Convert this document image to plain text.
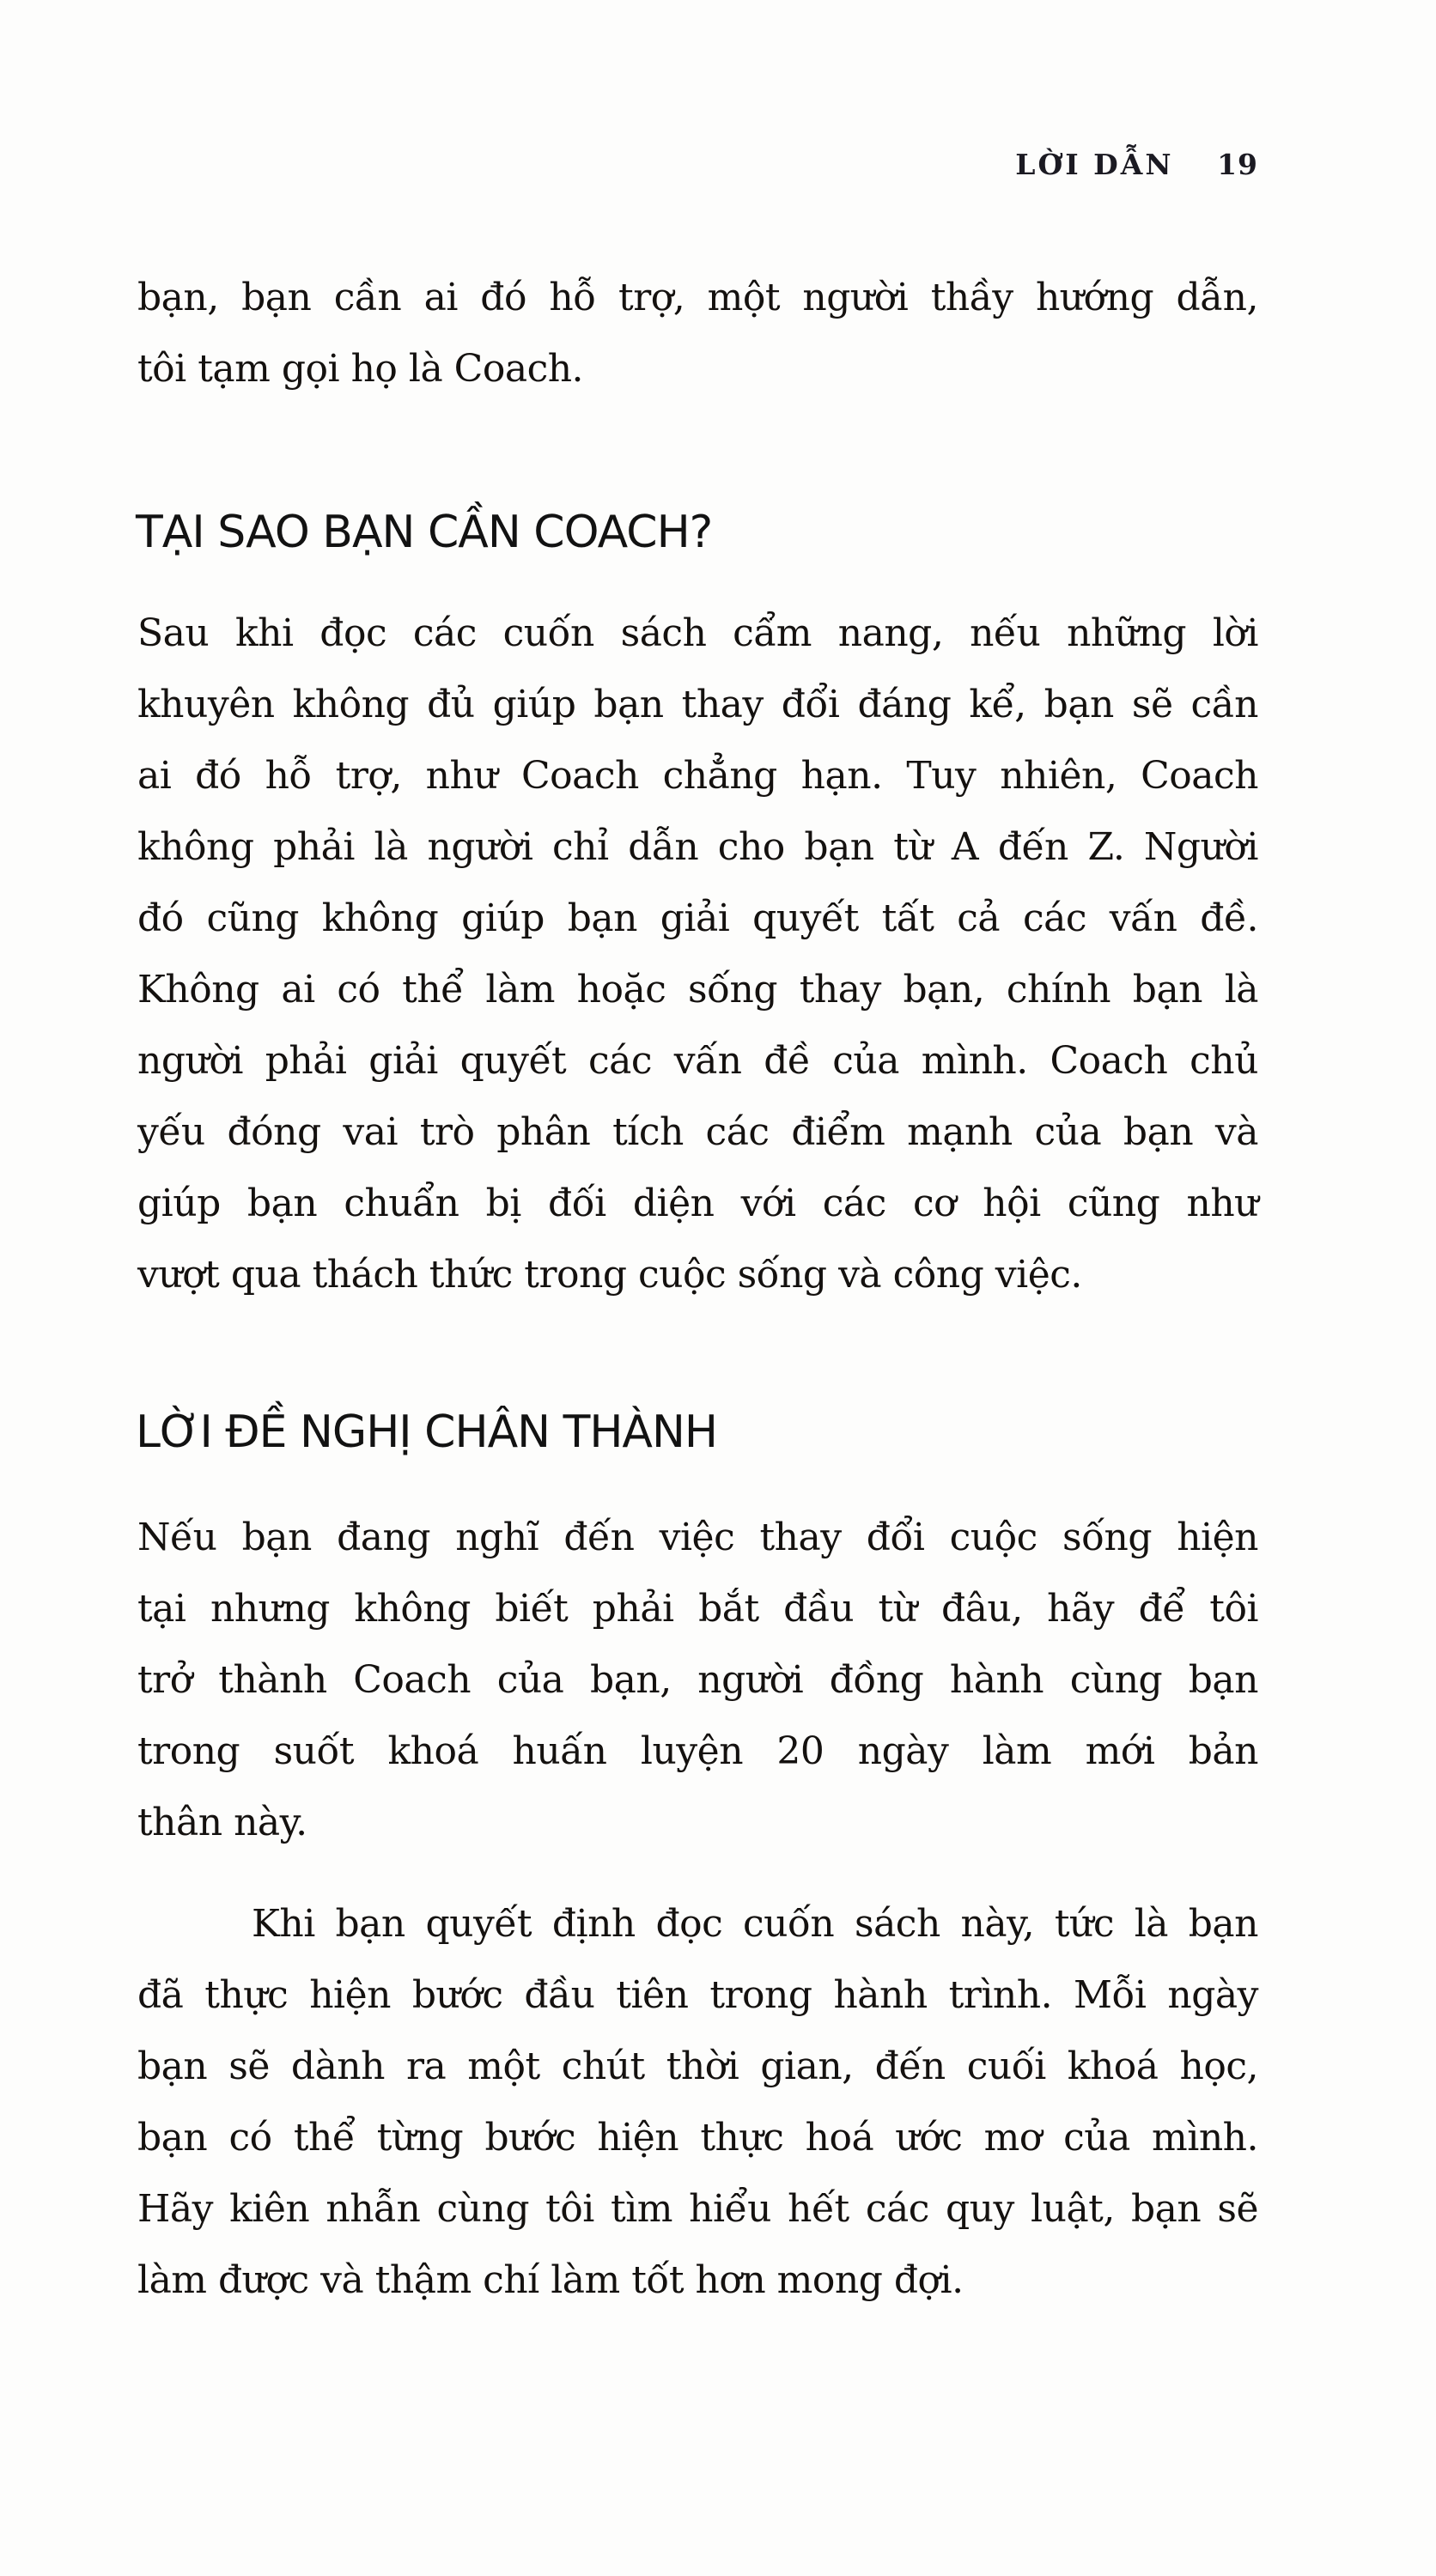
LỜI DẪN 19
bạn, bạn cần ai đó hỗ trợ, một người thầy hướng dẫn,
tôi tạm gọi họ là Coach.
TẠI SAO BẠN CẦN COACH?
Sau khi đọc các cuốn sách cẩm nang, nếu những lời
khuyên không đủ giúp bạn thay đổi đáng kể, bạn sẽ cần
ai đó hỗ trợ, như Coach chẳng hạn. Tuy nhiên, Coach
không phải là người chỉ dẫn cho bạn từ A đến Z. Người
đó cũng không giúp bạn giải quyết tất cả các vấn đề.
Không ai có thể làm hoặc sống thay bạn, chính bạn là
người phải giải quyết các vấn đề của mình. Coach chủ
yếu đóng vai trò phân tích các điểm mạnh của bạn và
giúp bạn chuẩn bị đối diện với các cơ hội cũng như
vượt qua thách thức trong cuộc sống và công việc.
LỜI ĐỀ NGHỊ CHÂN THÀNH
Nếu bạn đang nghĩ đến việc thay đổi cuộc sống hiện
tại nhưng không biết phải bắt đầu từ đâu, hãy để tôi
trở thành Coach của bạn, người đồng hành cùng bạn
trong suốt khoá huấn luyện 20 ngày làm mới bản
thân này.
Khi bạn quyết định đọc cuốn sách này, tức là bạn
đã thực hiện bước đầu tiên trong hành trình. Mỗi ngày
bạn sẽ dành ra một chút thời gian, đến cuối khoá học,
bạn có thể từng bước hiện thực hoá ước mơ của mình.
Hãy kiên nhẫn cùng tôi tìm hiểu hết các quy luật, bạn sẽ
làm được và thậm chí làm tốt hơn mong đợi.
